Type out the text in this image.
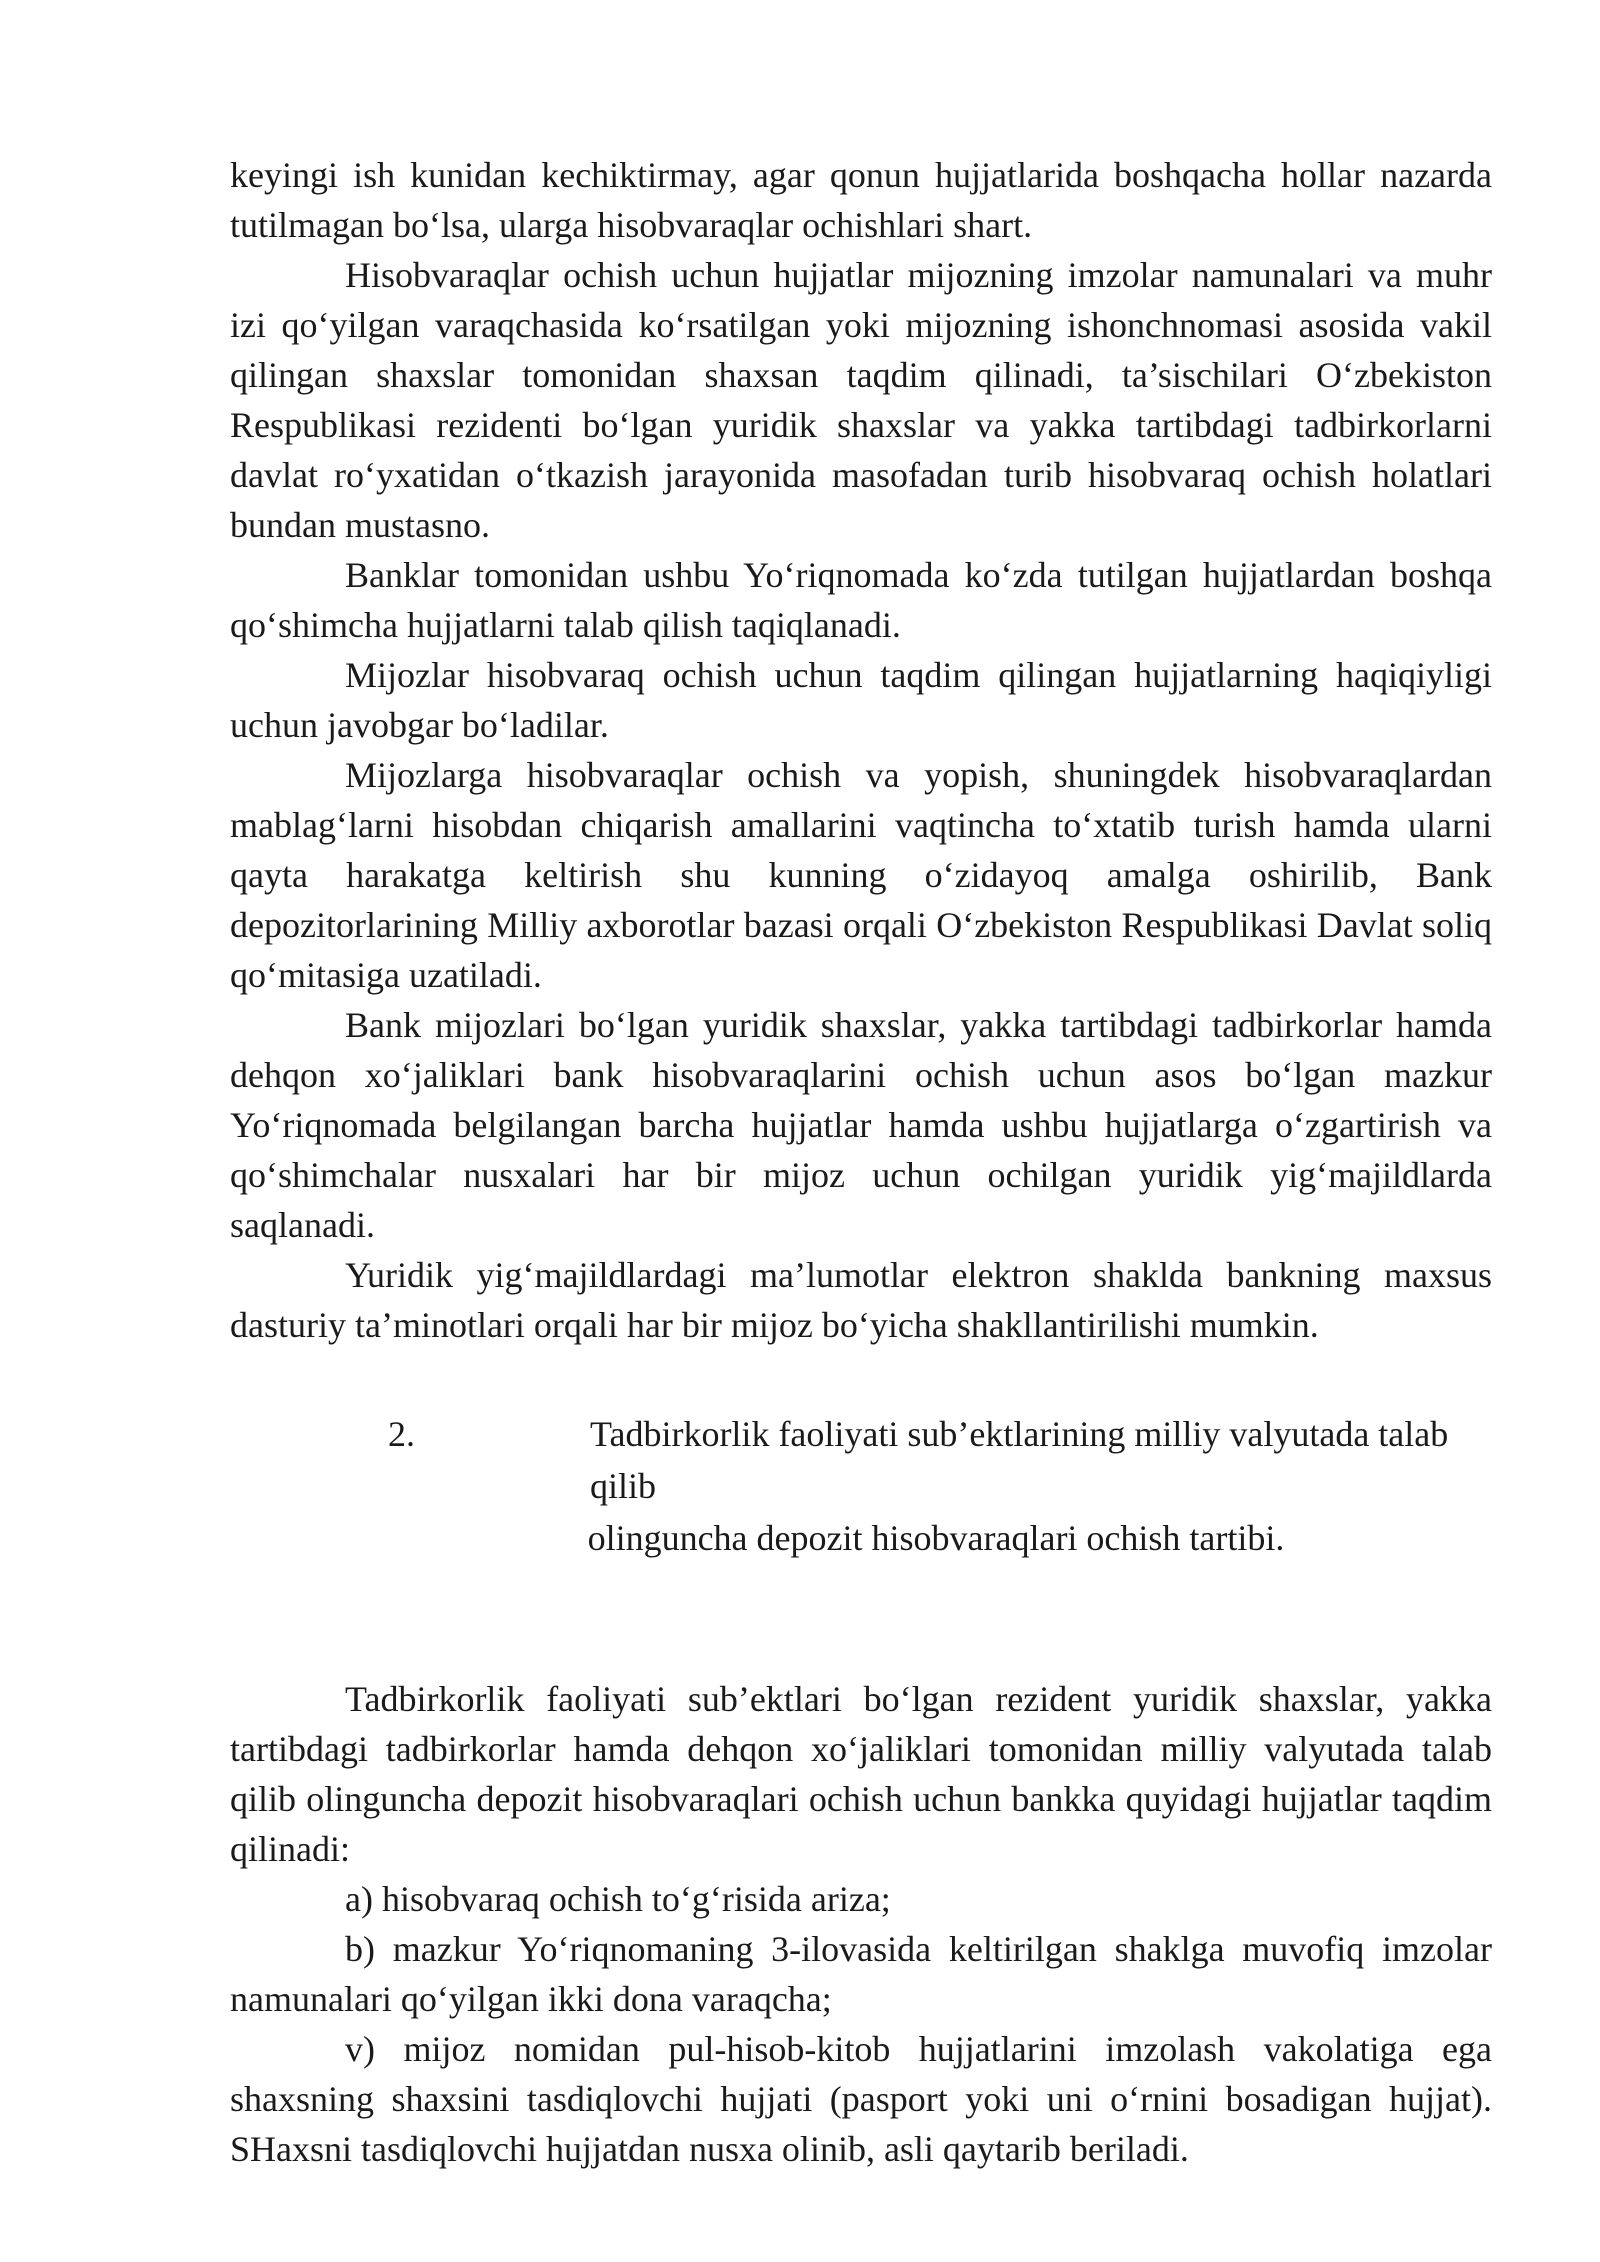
keyingi ish kunidan kechiktirmay, agar qonun hujjatlarida boshqacha hollar nazarda tutilmagan bo‘lsa, ularga hisobvaraqlar ochishlari shart.

Hisobvaraqlar ochish uchun hujjatlar mijozning imzolar namunalari va muhr izi qo‘yilgan varaqchasida ko‘rsatilgan yoki mijozning ishonchnomasi asosida vakil qilingan shaxslar tomonidan shaxsan taqdim qilinadi, ta’sischilari O‘zbekiston Respublikasi rezidenti bo‘lgan yuridik shaxslar va yakka tartibdagi tadbirkorlarni davlat ro‘yxatidan o‘tkazish jarayonida masofadan turib hisobvaraq ochish holatlari bundan mustasno.

Banklar tomonidan ushbu Yo‘riqnomada ko‘zda tutilgan hujjatlardan boshqa qo‘shimcha hujjatlarni talab qilish taqiqlanadi.

Mijozlar hisobvaraq ochish uchun taqdim qilingan hujjatlarning haqiqiyligi uchun javobgar bo‘ladilar.

Mijozlarga hisobvaraqlar ochish va yopish, shuningdek hisobvaraqlardan mablag‘larni hisobdan chiqarish amallarini vaqtincha to‘xtatib turish hamda ularni qayta harakatga keltirish shu kunning o‘zidayoq amalga oshirilib, Bank depozitorlarining Milliy axborotlar bazasi orqali O‘zbekiston Respublikasi Davlat soliq qo‘mitasiga uzatiladi.

Bank mijozlari bo‘lgan yuridik shaxslar, yakka tartibdagi tadbirkorlar hamda dehqon xo‘jaliklari bank hisobvaraqlarini ochish uchun asos bo‘lgan mazkur Yo‘riqnomada belgilangan barcha hujjatlar hamda ushbu hujjatlarga o‘zgartirish va qo‘shimchalar nusxalari har bir mijoz uchun ochilgan yuridik yig‘majildlarda saqlanadi.

Yuridik yig‘majildlardagi ma’lumotlar elektron shaklda bankning maxsus dasturiy ta’minotlari orqali har bir mijoz bo‘yicha shakllantirilishi mumkin.

2.	Tadbirkorlik faoliyati sub’ektlarining milliy valyutada talab qilib
olinguncha depozit hisobvaraqlari ochish tartibi.

Tadbirkorlik faoliyati sub’ektlari bo‘lgan rezident yuridik shaxslar, yakka tartibdagi tadbirkorlar hamda dehqon xo‘jaliklari tomonidan milliy valyutada talab qilib olinguncha depozit hisobvaraqlari ochish uchun bankka quyidagi hujjatlar taqdim qilinadi:

a) hisobvaraq ochish to‘g‘risida ariza;

b) mazkur Yo‘riqnomaning 3-ilovasida keltirilgan shaklga muvofiq imzolar namunalari qo‘yilgan ikki dona varaqcha;

v) mijoz nomidan pul-hisob-kitob hujjatlarini imzolash vakolatiga ega shaxsning shaxsini tasdiqlovchi hujjati (pasport yoki uni o‘rnini bosadigan hujjat). SHaxsni tasdiqlovchi hujjatdan nusxa olinib, asli qaytarib beriladi.
